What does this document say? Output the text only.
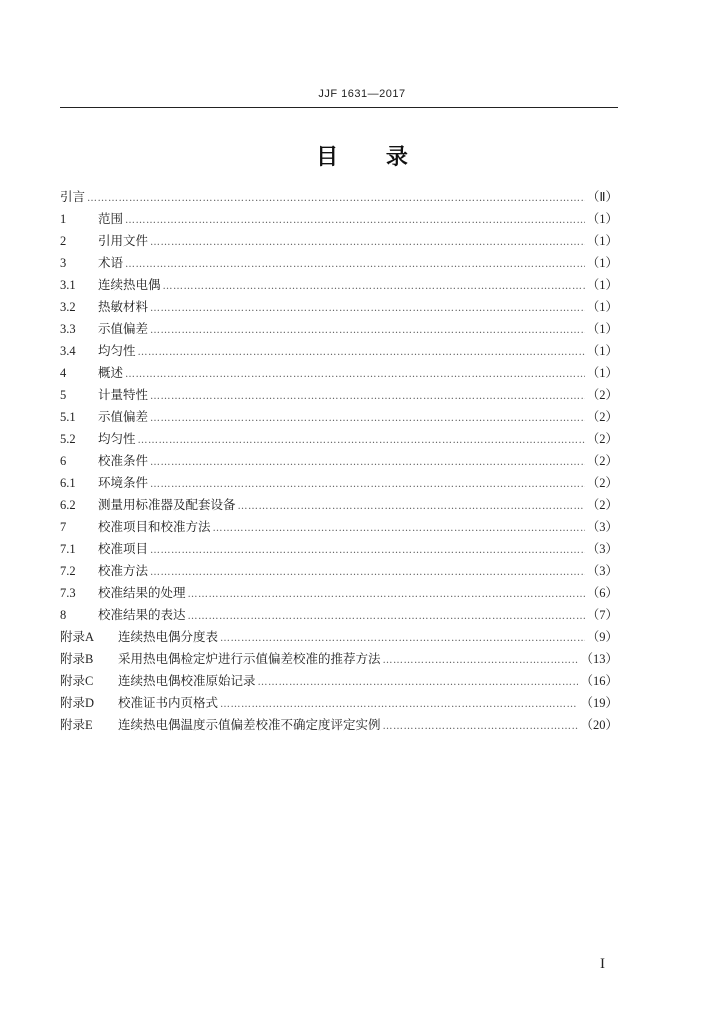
JJF 1631—2017
目 录
引言 ……………………………………………………………………………………………………………………………………………………………………………………………………………………………………………………………………	（Ⅱ）
1	范围 ……………………………………………………………………………………………………………………………………………………………………………………………………………………………………………………………………	（1）
2	引用文件 ……………………………………………………………………………………………………………………………………………………………………………………………………………………………………………………………………	（1）
3	术语 ……………………………………………………………………………………………………………………………………………………………………………………………………………………………………………………………………	（1）
3.1	连续热电偶 ……………………………………………………………………………………………………………………………………………………………………………………………………………………………………………………………………	（1）
3.2	热敏材料 ……………………………………………………………………………………………………………………………………………………………………………………………………………………………………………………………………	（1）
3.3	示值偏差 ……………………………………………………………………………………………………………………………………………………………………………………………………………………………………………………………………	（1）
3.4	均匀性 ……………………………………………………………………………………………………………………………………………………………………………………………………………………………………………………………………	（1）
4	概述 ……………………………………………………………………………………………………………………………………………………………………………………………………………………………………………………………………	（1）
5	计量特性 ……………………………………………………………………………………………………………………………………………………………………………………………………………………………………………………………………	（2）
5.1	示值偏差 ……………………………………………………………………………………………………………………………………………………………………………………………………………………………………………………………………	（2）
5.2	均匀性 ……………………………………………………………………………………………………………………………………………………………………………………………………………………………………………………………………	（2）
6	校准条件 ……………………………………………………………………………………………………………………………………………………………………………………………………………………………………………………………………	（2）
6.1	环境条件 ……………………………………………………………………………………………………………………………………………………………………………………………………………………………………………………………………	（2）
6.2	测量用标准器及配套设备 ……………………………………………………………………………………………………………………………………………………………………………………………………………………………………………………………………	（2）
7	校准项目和校准方法 ……………………………………………………………………………………………………………………………………………………………………………………………………………………………………………………………………	（3）
7.1	校准项目 ……………………………………………………………………………………………………………………………………………………………………………………………………………………………………………………………………	（3）
7.2	校准方法 ……………………………………………………………………………………………………………………………………………………………………………………………………………………………………………………………………	（3）
7.3	校准结果的处理 ……………………………………………………………………………………………………………………………………………………………………………………………………………………………………………………………………	（6）
8	校准结果的表达 ……………………………………………………………………………………………………………………………………………………………………………………………………………………………………………………………………	（7）
附录A	连续热电偶分度表 ……………………………………………………………………………………………………………………………………………………………………………………………………………………………………………………………………	（9）
附录B	采用热电偶检定炉进行示值偏差校准的推荐方法 ……………………………………………………………………………………………………………………………………………………………………………………………………………………………………………………………………	（13）
附录C	连续热电偶校准原始记录 ……………………………………………………………………………………………………………………………………………………………………………………………………………………………………………………………………	（16）
附录D	校准证书内页格式 ……………………………………………………………………………………………………………………………………………………………………………………………………………………………………………………………………	（19）
附录E	连续热电偶温度示值偏差校准不确定度评定实例 ……………………………………………………………………………………………………………………………………………………………………………………………………………………………………………………………………	（20）
I
